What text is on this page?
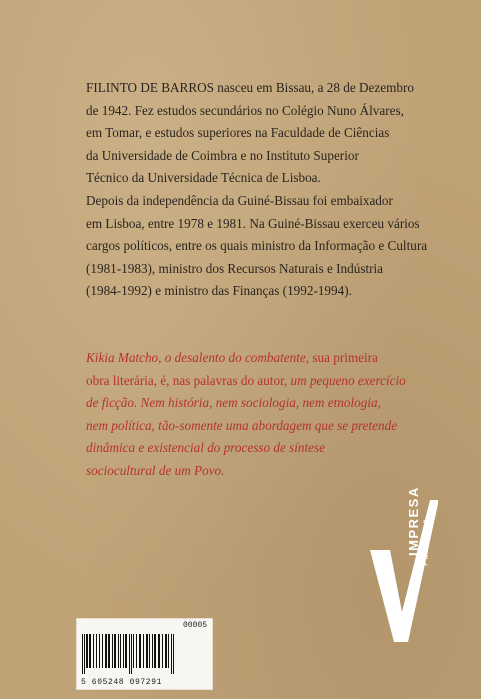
FILINTO DE BARROS nasceu em Bissau, a 28 de Dezembro
de 1942. Fez estudos secundários no Colégio Nuno Álvares,
em Tomar, e estudos superiores na Faculdade de Ciências
da Universidade de Coimbra e no Instituto Superior
Técnico da Universidade Técnica de Lisboa.
Depois da independência da Guiné-Bissau foi embaixador
em Lisboa, entre 1978 e 1981. Na Guiné-Bissau exerceu vários
cargos políticos, entre os quais ministro da Informação e Cultura
(1981-1983), ministro dos Recursos Naturais e Indústria
(1984-1992) e ministro das Finanças (1992-1994).
Kikia Matcho, o desalento do combatente, sua primeira
obra literária, é, nas palavras do autor, um pequeno exercício
de ficção. Nem história, nem sociologia, nem etnologia,
nem política, tão-somente uma abordagem que se pretende
dinâmica e existencial do processo de síntese
sociocultural de um Povo.
00005
5 605248 097291
IMPRESA Publishing
